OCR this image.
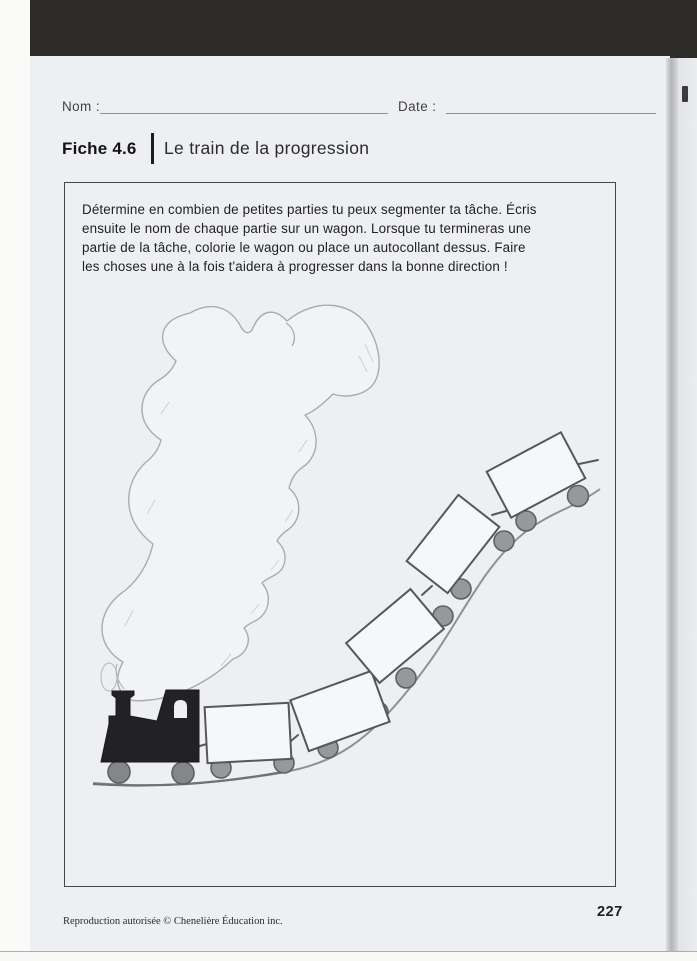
Nom :	Date :
Fiche 4.6 Le train de la progression
Détermine en combien de petites parties tu peux segmenter ta tâche. Écris
ensuite le nom de chaque partie sur un wagon. Lorsque tu termineras une
partie de la tâche, colorie le wagon ou place un autocollant dessus. Faire
les choses une à la fois t'aidera à progresser dans la bonne direction !
Reproduction autorisée © Chenelière Éducation inc.
227
